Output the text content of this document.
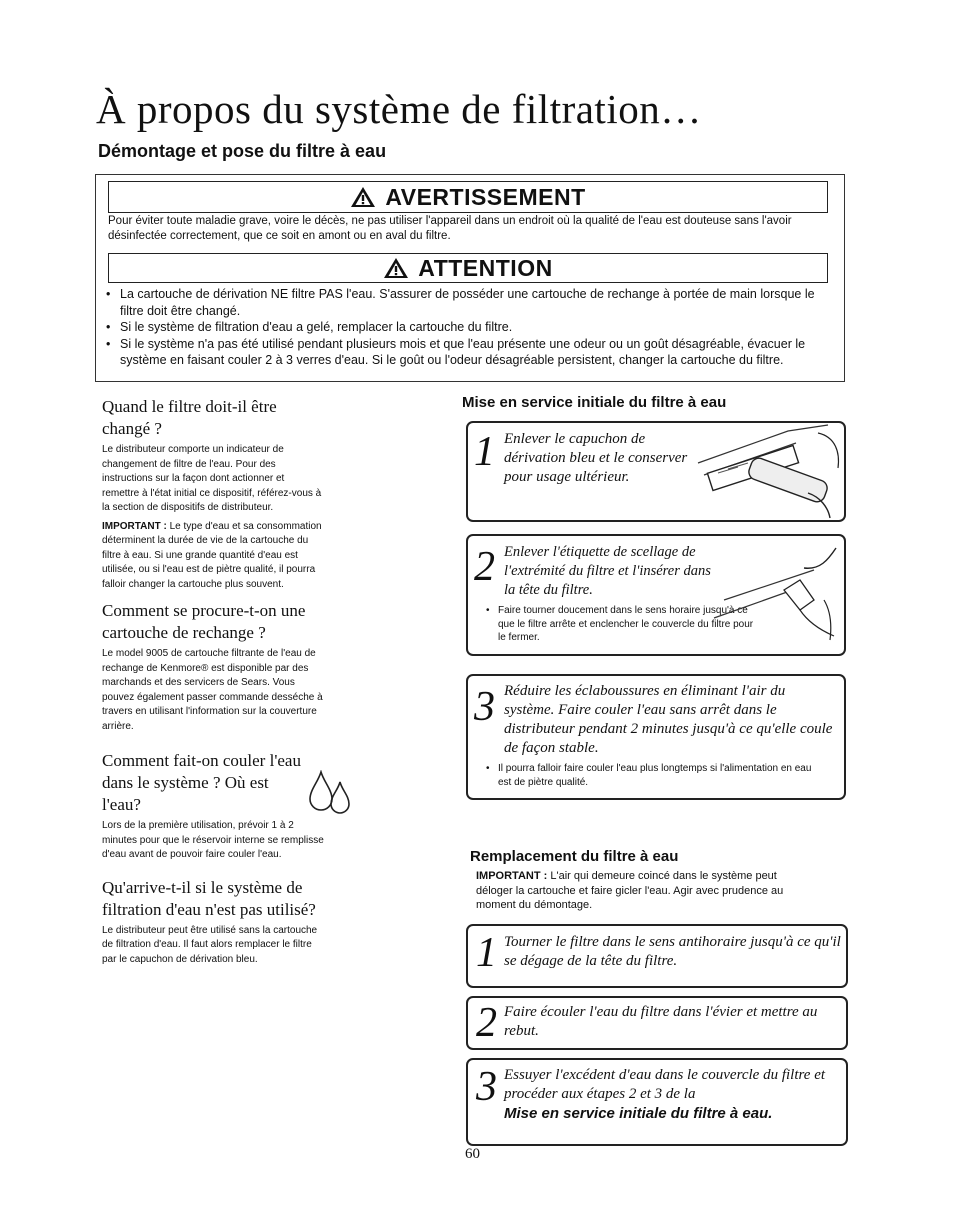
À propos du système de filtration…
Démontage et pose du filtre à eau
AVERTISSEMENT
Pour éviter toute maladie grave, voire le décès, ne pas utiliser l'appareil dans un endroit où la qualité de l'eau est douteuse sans l'avoir désinfectée correctement, que ce soit en amont ou en aval du filtre.
ATTENTION
• La cartouche de dérivation NE filtre PAS l'eau. S'assurer de posséder une cartouche de rechange à portée de main lorsque le filtre doit être changé.
• Si le système de filtration d'eau a gelé, remplacer la cartouche du filtre.
• Si le système n'a pas été utilisé pendant plusieurs mois et que l'eau présente une odeur ou un goût désagréable, évacuer le système en faisant couler 2 à 3 verres d'eau. Si le goût ou l'odeur désagréable persistent, changer la cartouche du filtre.

Quand le filtre doit-il être changé ?

Le distributeur comporte un indicateur de changement de filtre de l'eau. Pour des instructions sur la façon dont actionner et remettre à l'état initial ce dispositif, référez-vous à la section de dispositifs de distributeur.

IMPORTANT : Le type d'eau et sa consommation déterminent la durée de vie de la cartouche du filtre à eau. Si une grande quantité d'eau est utilisée, ou si l'eau est de piètre qualité, il pourra falloir changer la cartouche plus souvent.

Comment se procure-t-on une cartouche de rechange ?

Le model 9005 de cartouche filtrante de l'eau de rechange de Kenmore® est disponible par des marchands et des servicers de Sears. Vous pouvez également passer commande desséche à travers en utilisant l'information sur la couverture arrière.

Comment fait-on couler l'eau dans le système ? Où est l'eau?

Lors de la première utilisation, prévoir 1 à 2 minutes pour que le réservoir interne se remplisse d'eau avant de pouvoir faire couler l'eau.

Qu'arrive-t-il si le système de filtration d'eau n'est pas utilisé?

Le distributeur peut être utilisé sans la cartouche de filtration d'eau. Il faut alors remplacer le filtre par le capuchon de dérivation bleu.

Mise en service initiale du filtre à eau
1 Enlever le capuchon de dérivation bleu et le conserver pour usage ultérieur.
2 Enlever l'étiquette de scellage de l'extrémité du filtre et l'insérer dans la tête du filtre.
• Faire tourner doucement dans le sens horaire jusqu'à ce que le filtre arrête et enclencher le couvercle du filtre pour le fermer.
3 Réduire les éclaboussures en éliminant l'air du système. Faire couler l'eau sans arrêt dans le distributeur pendant 2 minutes jusqu'à ce qu'elle coule de façon stable.
• Il pourra falloir faire couler l'eau plus longtemps si l'alimentation en eau est de piètre qualité.
Remplacement du filtre à eau
IMPORTANT : L'air qui demeure coincé dans le système peut déloger la cartouche et faire gicler l'eau. Agir avec prudence au moment du démontage.
1 Tourner le filtre dans le sens antihoraire jusqu'à ce qu'il se dégage de la tête du filtre.
2 Faire écouler l'eau du filtre dans l'évier et mettre au rebut.
3 Essuyer l'excédent d'eau dans le couvercle du filtre et procéder aux étapes 2 et 3 de la
Mise en service initiale du filtre à eau.
60
